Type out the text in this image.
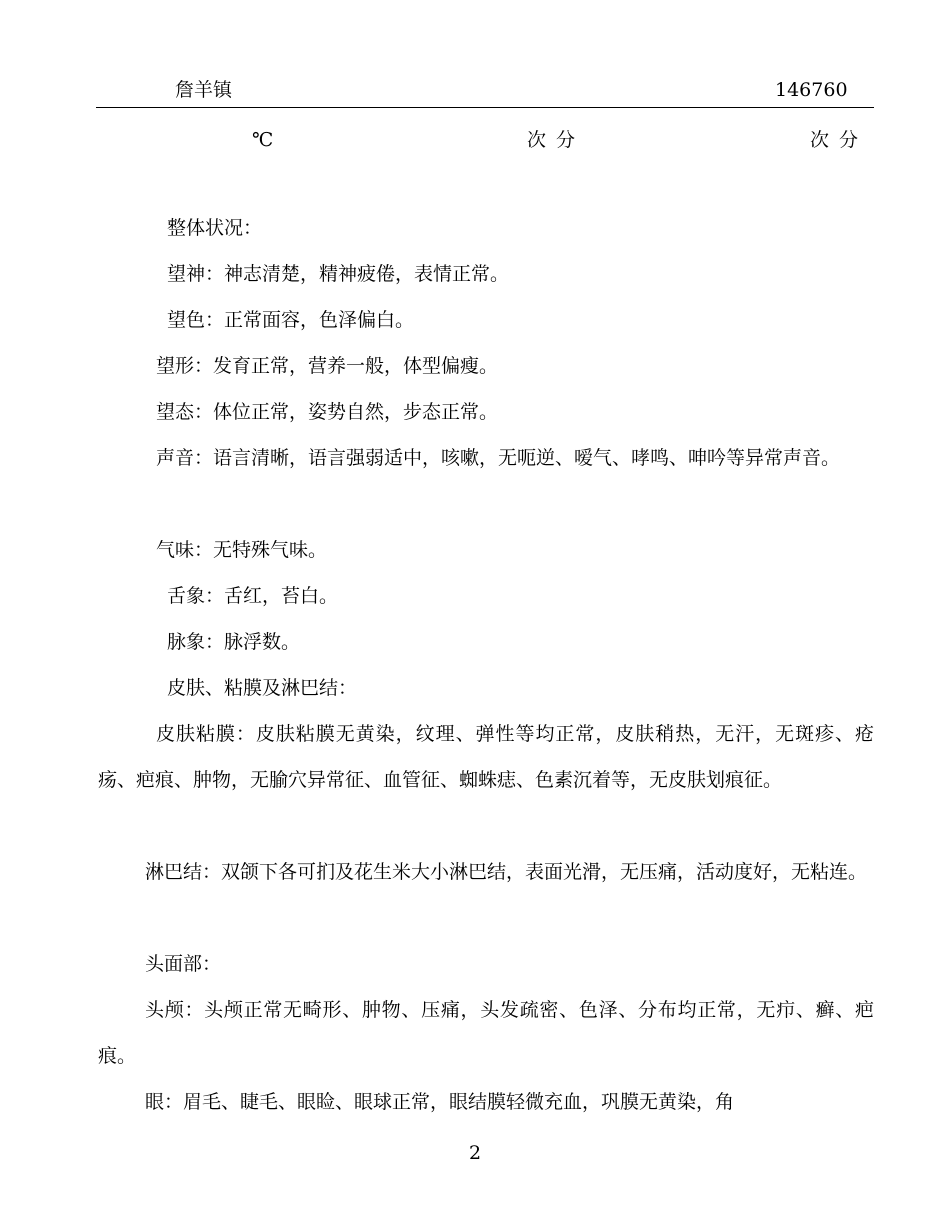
詹羊镇	146760
℃	次分	次分

整体状况：

望神：神志清楚，精神疲倦，表情正常。

望色：正常面容，色泽偏白。

望形：发育正常，营养一般，体型偏瘦。

望态：体位正常，姿势自然，步态正常。

声音：语言清晰，语言强弱适中，咳嗽，无呃逆、嗳气、哮鸣、呻吟等异常声音。

气味：无特殊气味。

舌象：舌红，苔白。

脉象：脉浮数。

皮肤、粘膜及淋巴结：

皮肤粘膜：皮肤粘膜无黄染，纹理、弹性等均正常，皮肤稍热，无汗，无斑疹、疮疡、疤痕、肿物，无腧穴异常征、血管征、蜘蛛痣、色素沉着等，无皮肤划痕征。

淋巴结：双颌下各可扪及花生米大小淋巴结，表面光滑，无压痛，活动度好，无粘连。

头面部：

头颅：头颅正常无畸形、肿物、压痛，头发疏密、色泽、分布均正常，无疖、癣、疤痕。

眼：眉毛、睫毛、眼睑、眼球正常，眼结膜轻微充血，巩膜无黄染，角

2
